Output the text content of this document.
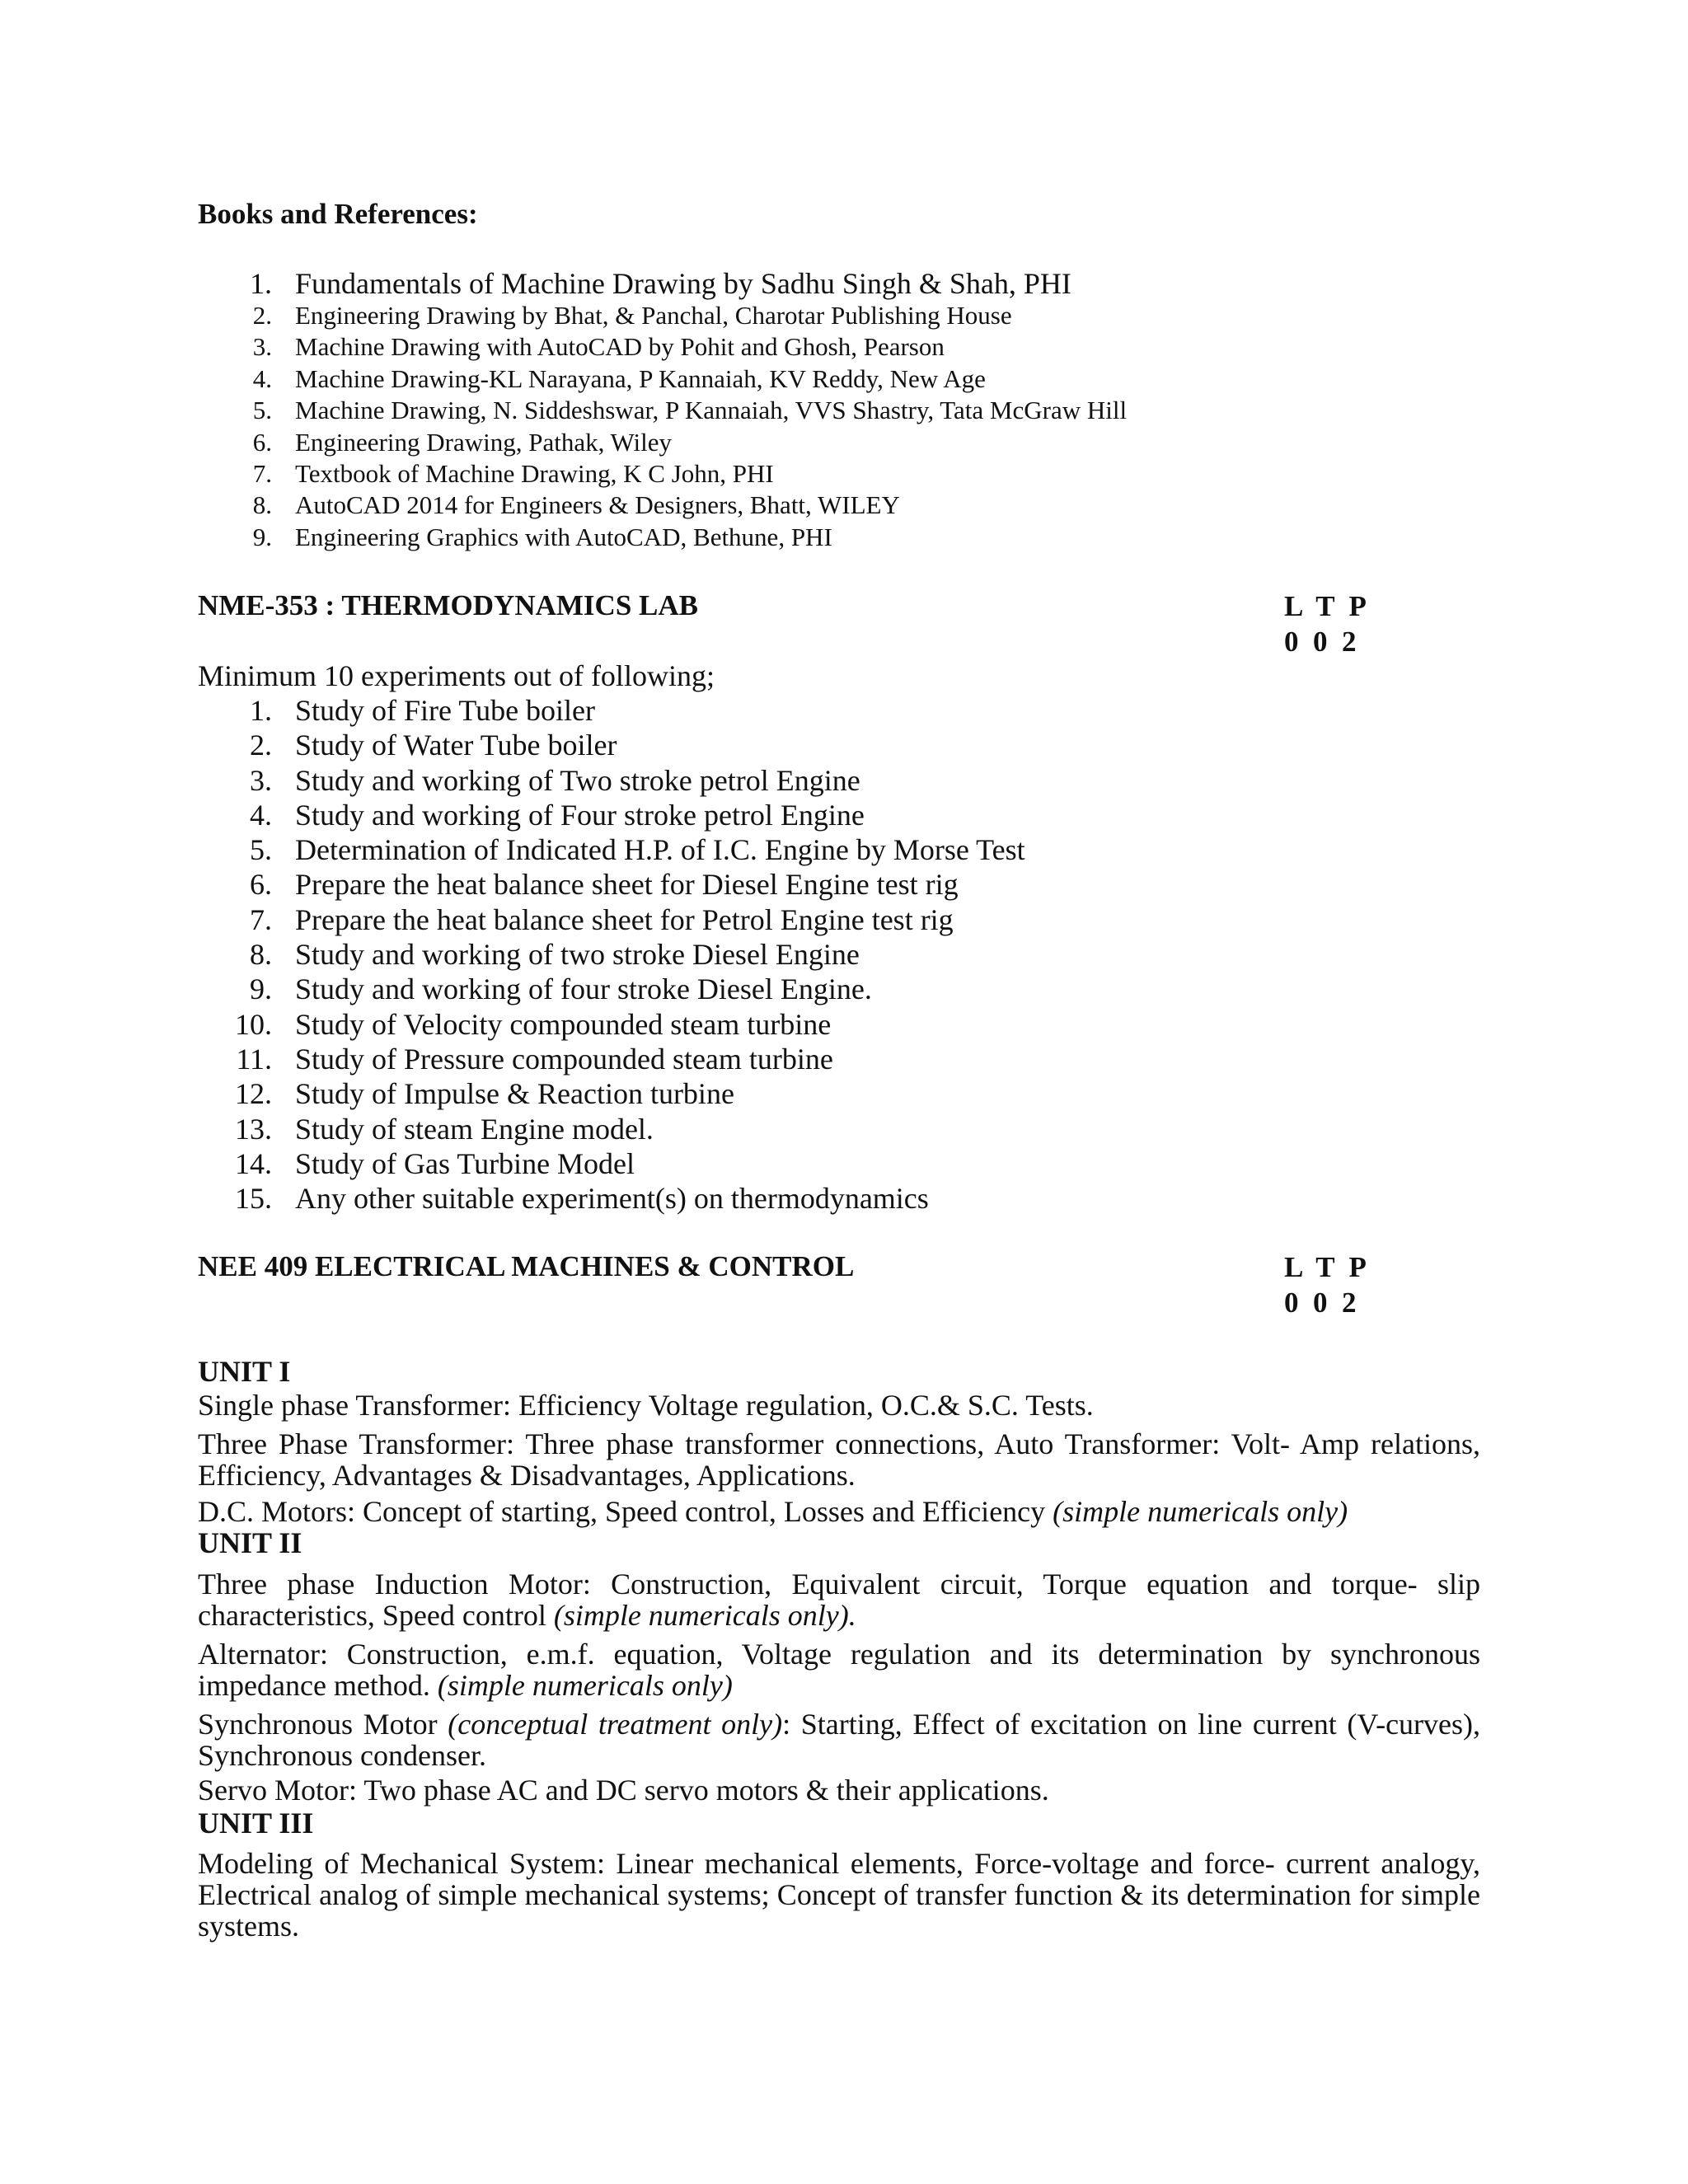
Books and References:
1. Fundamentals of Machine Drawing by Sadhu Singh & Shah, PHI
2. Engineering Drawing by Bhat, & Panchal, Charotar Publishing House
3. Machine Drawing with AutoCAD by Pohit and Ghosh, Pearson
4. Machine Drawing-KL Narayana, P Kannaiah, KV Reddy, New Age
5. Machine Drawing, N. Siddeshswar, P Kannaiah, VVS Shastry, Tata McGraw Hill
6. Engineering Drawing, Pathak, Wiley
7. Textbook of Machine Drawing, K C John, PHI
8. AutoCAD 2014 for Engineers & Designers, Bhatt, WILEY
9. Engineering Graphics with AutoCAD, Bethune, PHI
NME-353 : THERMODYNAMICS LAB	L  T  P
0  0  2
Minimum 10 experiments out of following;
1. Study of Fire Tube boiler
2. Study of Water Tube boiler
3. Study and working of Two stroke petrol Engine
4. Study and working of Four stroke petrol Engine
5. Determination of Indicated H.P. of I.C. Engine by Morse Test
6. Prepare the heat balance sheet for Diesel Engine test rig
7. Prepare the heat balance sheet for Petrol Engine test rig
8. Study and working of two stroke Diesel Engine
9. Study and working of four stroke Diesel Engine.
10. Study of Velocity compounded steam turbine
11. Study of Pressure compounded steam turbine
12. Study of Impulse & Reaction turbine
13. Study of steam Engine model.
14. Study of Gas Turbine Model
15. Any other suitable experiment(s) on thermodynamics
NEE 409 ELECTRICAL MACHINES & CONTROL	L  T  P
0  0  2
UNIT I
Single phase Transformer: Efficiency Voltage regulation, O.C.& S.C. Tests.
Three Phase Transformer: Three phase transformer connections, Auto Transformer: Volt- Amp relations, Efficiency, Advantages & Disadvantages, Applications.
D.C. Motors: Concept of starting, Speed control, Losses and Efficiency (simple numericals only)
UNIT II
Three phase Induction Motor: Construction, Equivalent circuit, Torque equation and torque- slip characteristics, Speed control (simple numericals only).
Alternator: Construction, e.m.f. equation, Voltage regulation and its determination by synchronous impedance method. (simple numericals only)
Synchronous Motor (conceptual treatment only): Starting, Effect of excitation on line current (V-curves), Synchronous condenser.
Servo Motor: Two phase AC and DC servo motors & their applications.
UNIT III
Modeling of Mechanical System: Linear mechanical elements, Force-voltage and force- current analogy, Electrical analog of simple mechanical systems; Concept of transfer function & its determination for simple systems.
